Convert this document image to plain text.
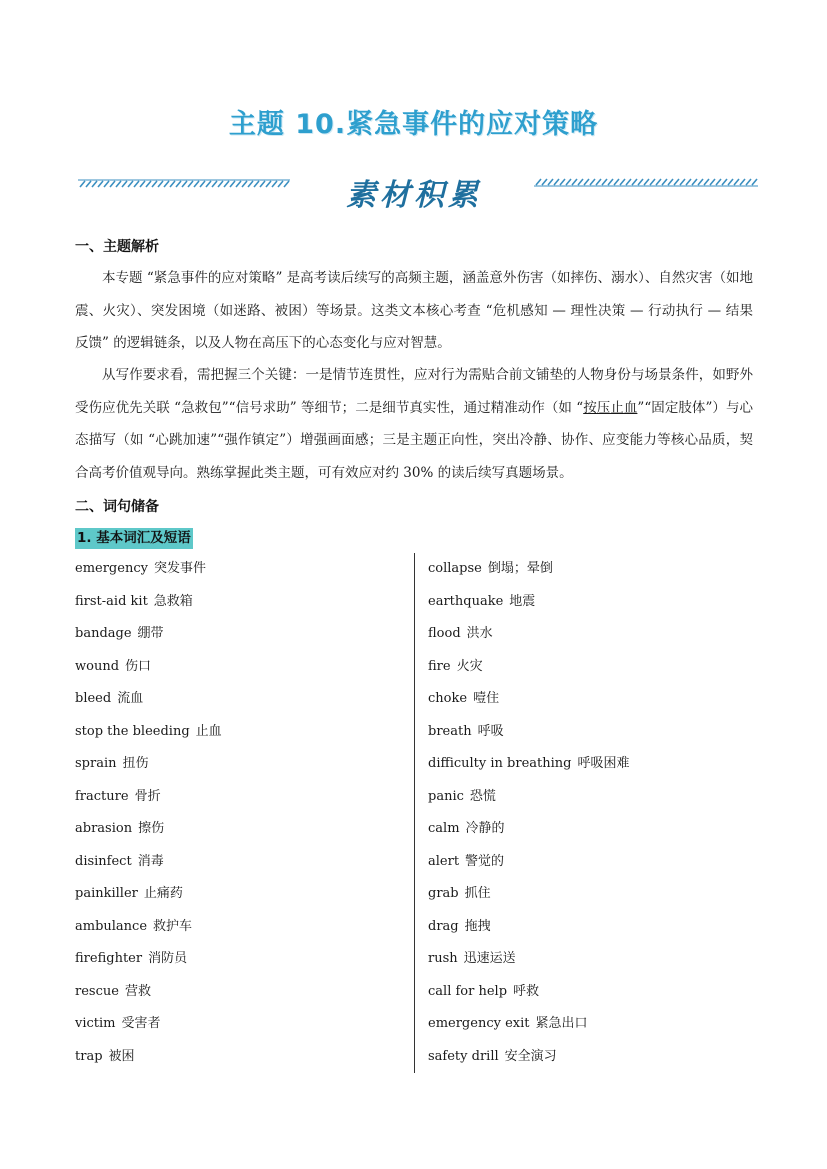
主题 10.紧急事件的应对策略
素材积累
一、主题解析

本专题 “紧急事件的应对策略” 是高考读后续写的高频主题，涵盖意外伤害（如摔伤、溺水）、自然灾害（如地震、火灾）、突发困境（如迷路、被困）等场景。这类文本核心考查 “危机感知 — 理性决策 — 行动执行 — 结果反馈” 的逻辑链条，以及人物在高压下的心态变化与应对智慧。

从写作要求看，需把握三个关键：一是情节连贯性，应对行为需贴合前文铺垫的人物身份与场景条件，如野外受伤应优先关联 “急救包”“信号求助” 等细节；二是细节真实性，通过精准动作（如 “按压止血”“固定肢体”）与心态描写（如 “心跳加速”“强作镇定”）增强画面感；三是主题正向性，突出冷静、协作、应变能力等核心品质，契合高考价值观导向。熟练掌握此类主题，可有效应对约 30% 的读后续写真题场景。

二、词句储备
1. 基本词汇及短语
emergency 突发事件
first-aid kit 急救箱
bandage 绷带
wound 伤口
bleed 流血
stop the bleeding 止血
sprain 扭伤
fracture 骨折
abrasion 擦伤
disinfect 消毒
painkiller 止痛药
ambulance 救护车
firefighter 消防员
rescue 营救
victim 受害者
trap 被困
collapse 倒塌；晕倒
earthquake 地震
flood 洪水
fire 火灾
choke 噎住
breath 呼吸
difficulty in breathing 呼吸困难
panic 恐慌
calm 冷静的
alert 警觉的
grab 抓住
drag 拖拽
rush 迅速运送
call for help 呼救
emergency exit 紧急出口
safety drill 安全演习
